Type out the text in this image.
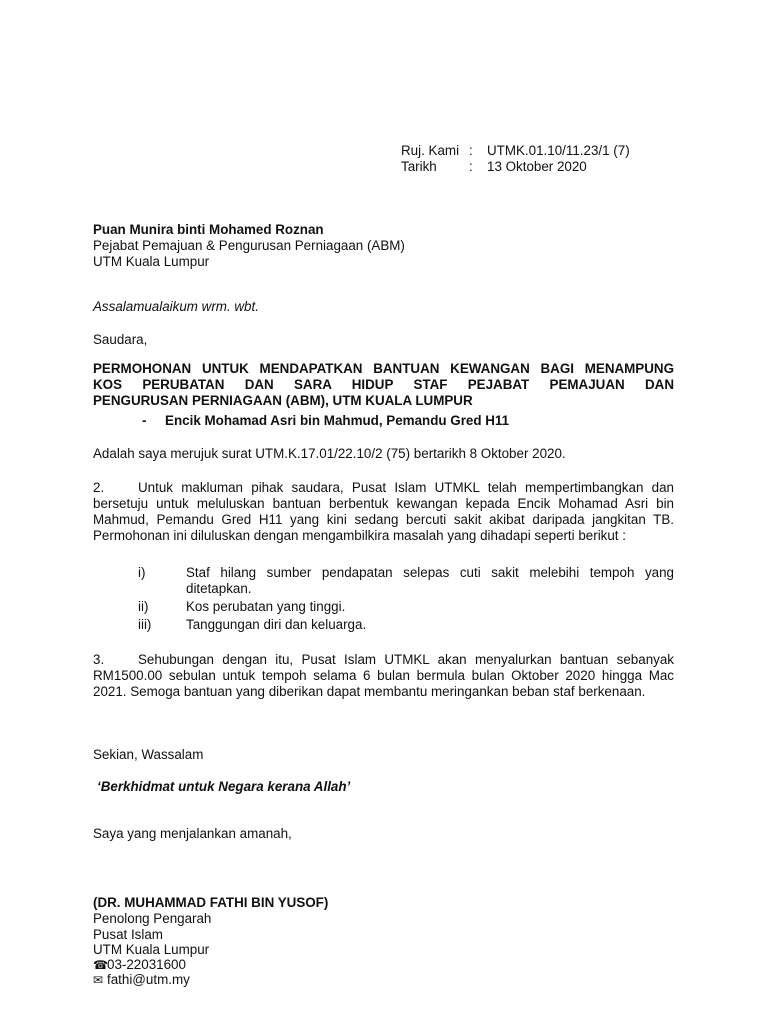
Ruj. Kami : UTMK.01.10/11.23/1 (7)
Tarikh : 13 Oktober 2020
Puan Munira binti Mohamed Roznan
Pejabat Pemajuan & Pengurusan Perniagaan (ABM)
UTM Kuala Lumpur
Assalamualaikum wrm. wbt.
Saudara,
PERMOHONAN UNTUK MENDAPATKAN BANTUAN KEWANGAN BAGI MENAMPUNG
KOS PERUBATAN DAN SARA HIDUP STAF PEJABAT PEMAJUAN DAN
PENGURUSAN PERNIAGAAN (ABM), UTM KUALA LUMPUR
-     Encik Mohamad Asri bin Mahmud, Pemandu Gred H11
Adalah saya merujuk surat UTM.K.17.01/22.10/2 (75) bertarikh 8 Oktober 2020.
2.	Untuk makluman pihak saudara, Pusat Islam UTMKL telah mempertimbangkan dan bersetuju untuk meluluskan bantuan berbentuk kewangan kepada Encik Mohamad Asri bin Mahmud, Pemandu Gred H11 yang kini sedang bercuti sakit akibat daripada jangkitan TB. Permohonan ini diluluskan dengan mengambilkira masalah yang dihadapi seperti berikut :
i)	Staf hilang sumber pendapatan selepas cuti sakit melebihi tempoh yang ditetapkan.
ii)	Kos perubatan yang tinggi.
iii)	Tanggungan diri dan keluarga.
3.	Sehubungan dengan itu, Pusat Islam UTMKL akan menyalurkan bantuan sebanyak RM1500.00 sebulan untuk tempoh selama 6 bulan bermula bulan Oktober 2020 hingga Mac 2021. Semoga bantuan yang diberikan dapat membantu meringankan beban staf berkenaan.
Sekian, Wassalam
‘Berkhidmat untuk Negara kerana Allah’
Saya yang menjalankan amanah,
(DR. MUHAMMAD FATHI BIN YUSOF)
Penolong Pengarah
Pusat Islam
UTM Kuala Lumpur
☎03-22031600
✉ fathi@utm.my
